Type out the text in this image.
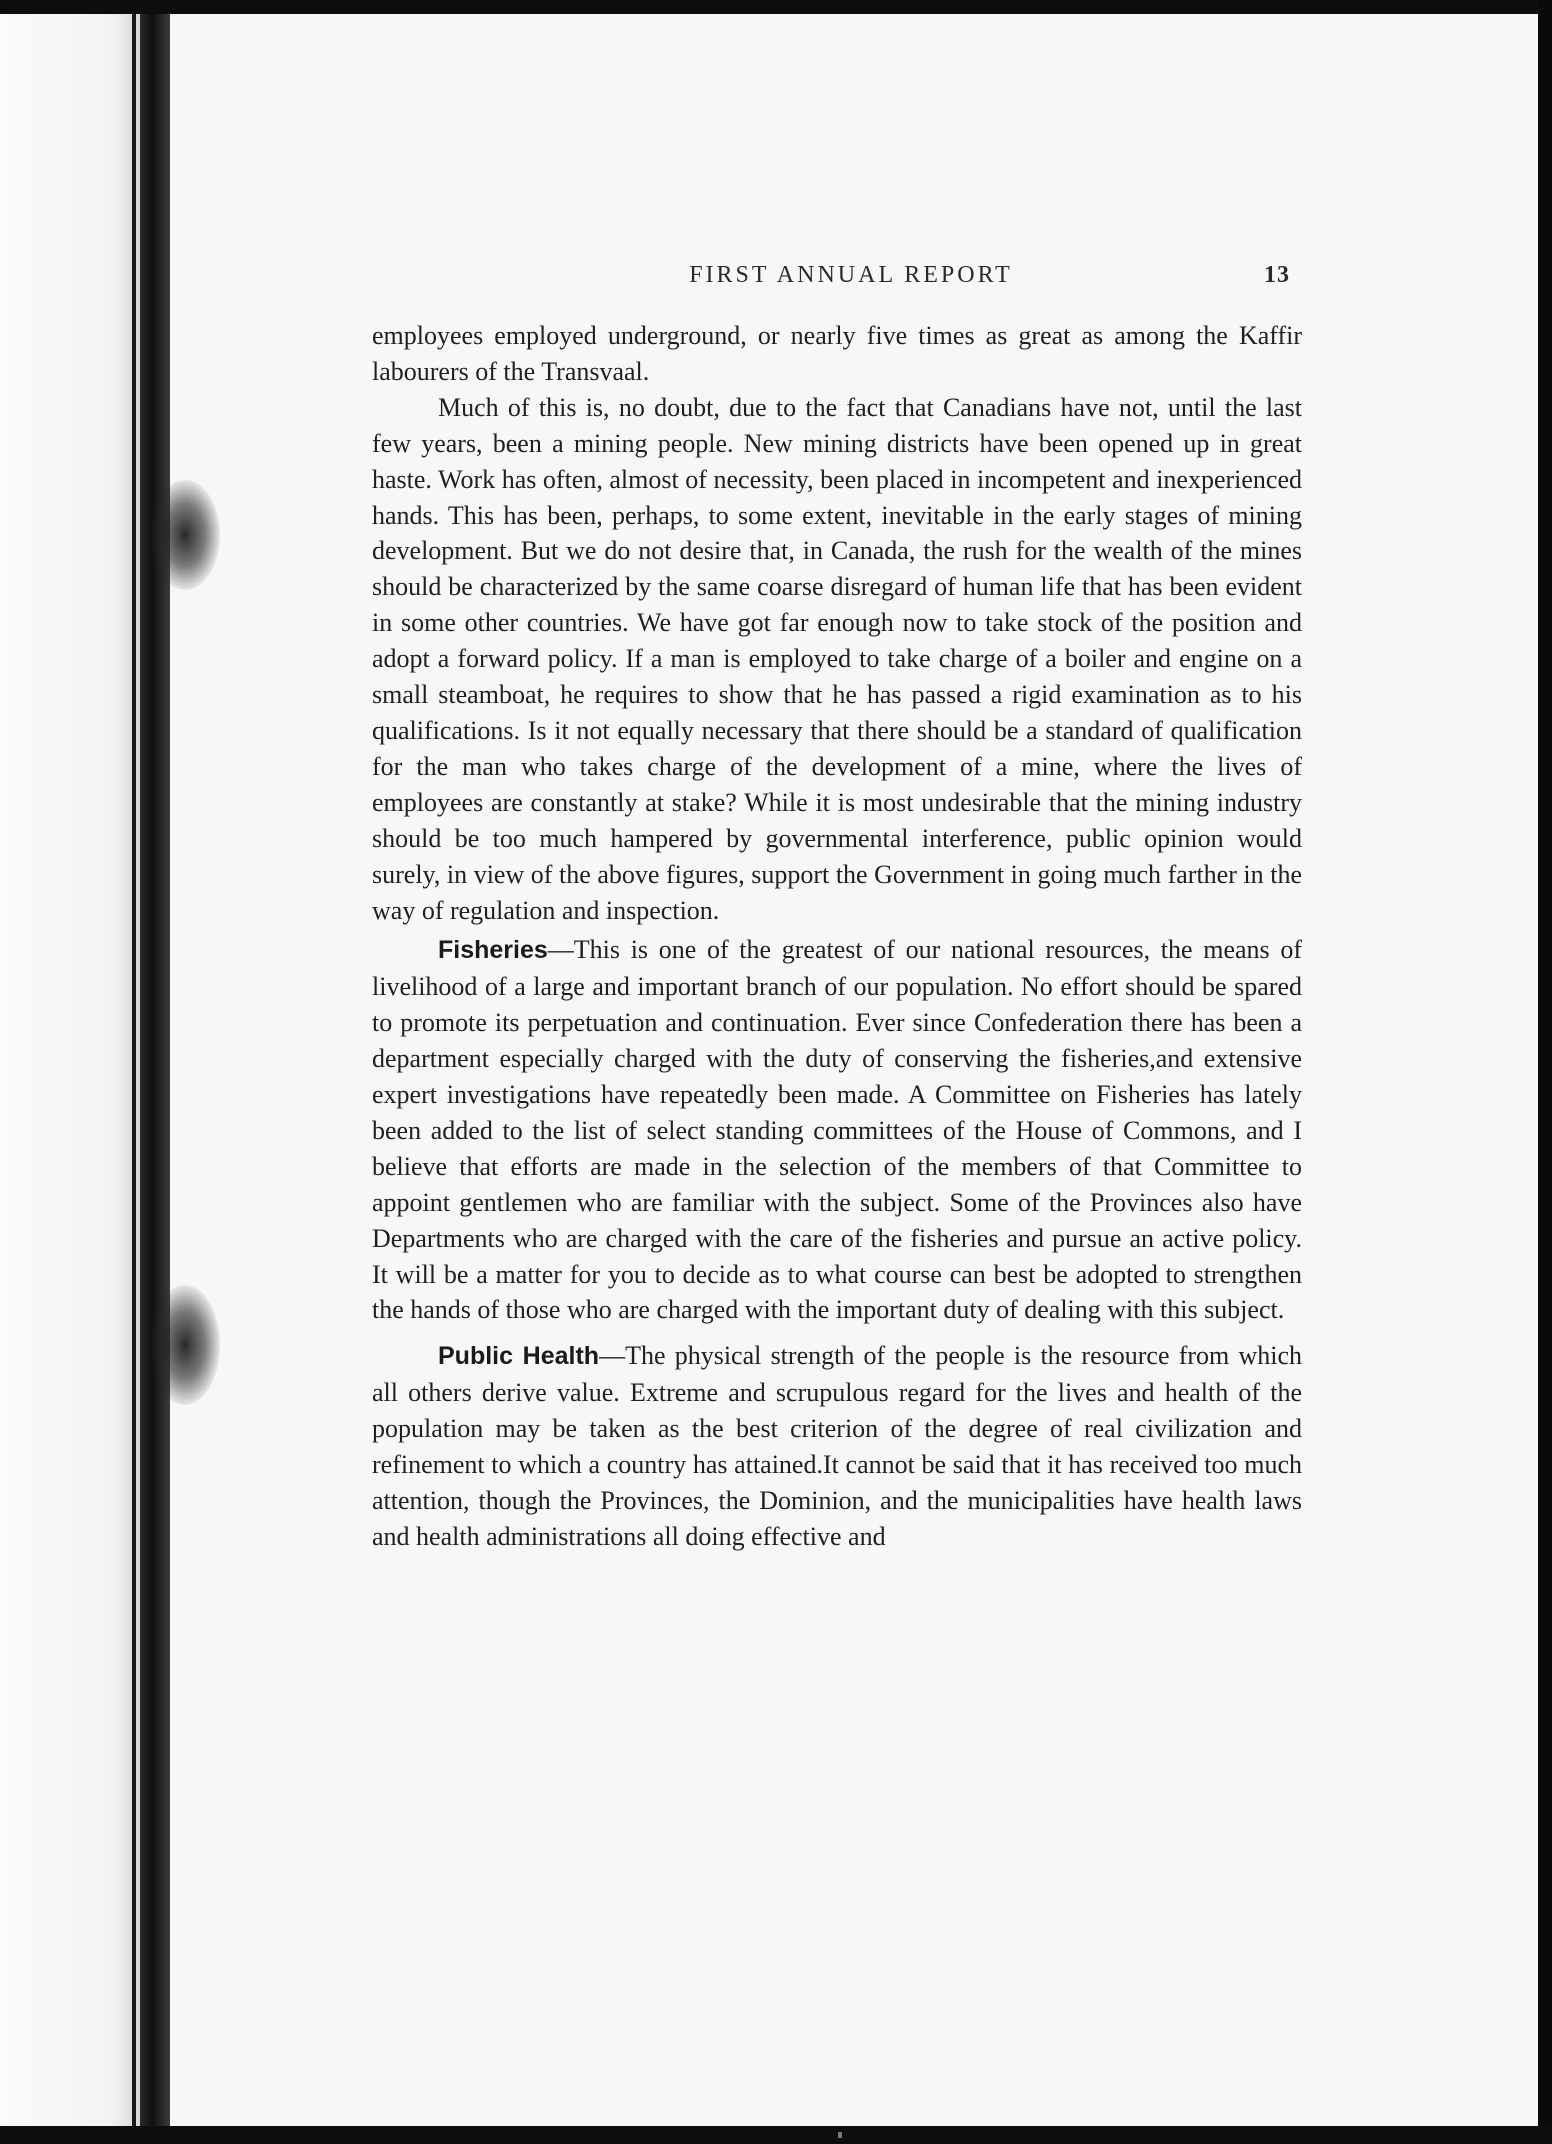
FIRST ANNUAL REPORT	13

employees employed underground, or nearly five times as great as among the Kaffir labourers of the Transvaal.

Much of this is, no doubt, due to the fact that Canadians have not, until the last few years, been a mining people. New mining districts have been opened up in great haste. Work has often, almost of necessity, been placed in incompetent and inexperienced hands. This has been, perhaps, to some extent, inevitable in the early stages of mining development. But we do not desire that, in Canada, the rush for the wealth of the mines should be characterized by the same coarse disregard of human life that has been evident in some other countries. We have got far enough now to take stock of the position and adopt a forward policy. If a man is employed to take charge of a boiler and engine on a small steamboat, he requires to show that he has passed a rigid examination as to his qualifications. Is it not equally necessary that there should be a standard of qualification for the man who takes charge of the development of a mine, where the lives of employees are constantly at stake? While it is most undesirable that the mining industry should be too much hampered by governmental interference, public opinion would surely, in view of the above figures, support the Government in going much farther in the way of regulation and inspection.

Fisheries—This is one of the greatest of our national resources, the means of livelihood of a large and important branch of our population. No effort should be spared to promote its perpetuation and continuation. Ever since Confederation there has been a department especially charged with the duty of conserving the fisheries,and extensive expert investigations have repeatedly been made. A Committee on Fisheries has lately been added to the list of select standing committees of the House of Commons, and I believe that efforts are made in the selection of the members of that Committee to appoint gentlemen who are familiar with the subject. Some of the Provinces also have Departments who are charged with the care of the fisheries and pursue an active policy. It will be a matter for you to decide as to what course can best be adopted to strengthen the hands of those who are charged with the important duty of dealing with this subject.

Public Health—The physical strength of the people is the resource from which all others derive value. Extreme and scrupulous regard for the lives and health of the population may be taken as the best criterion of the degree of real civilization and refinement to which a country has attained.It cannot be said that it has received too much attention, though the Provinces, the Dominion, and the municipalities have health laws and health administrations all doing effective and
